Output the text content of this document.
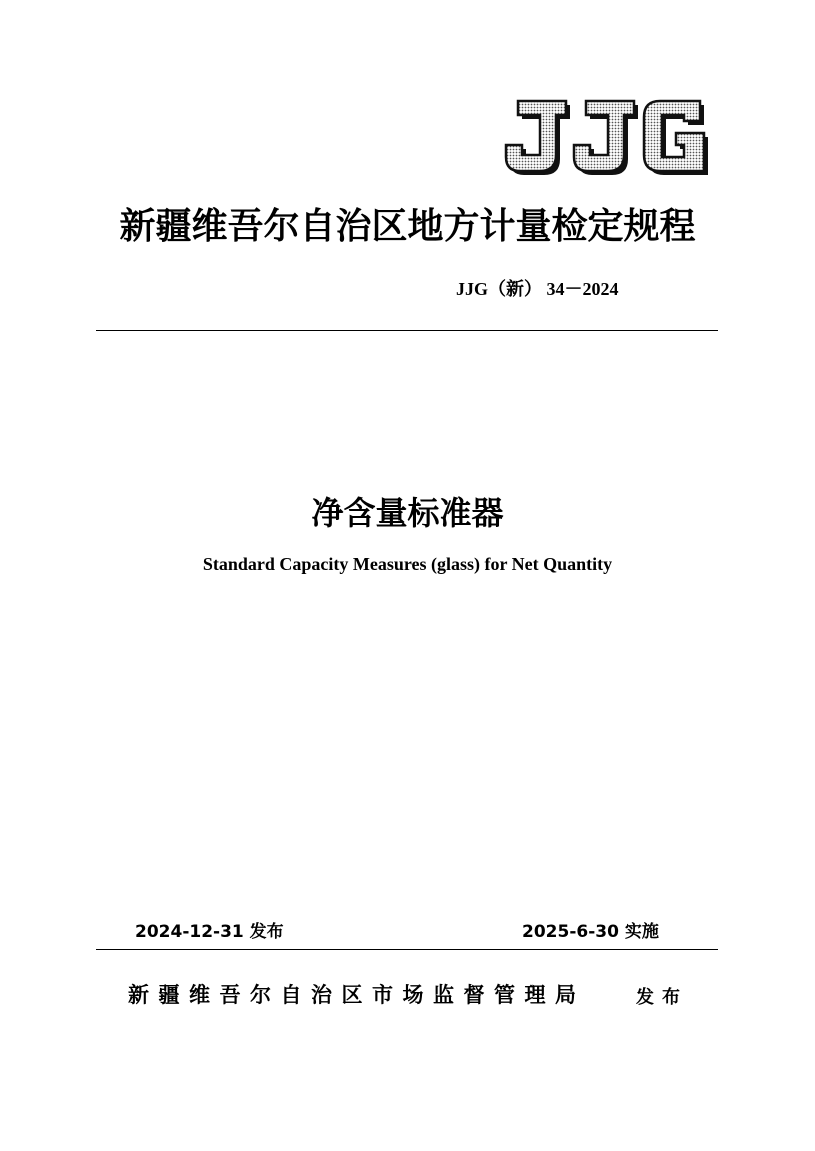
新疆维吾尔自治区地方计量检定规程
JJG（新） 34－2024
净含量标准器
Standard Capacity Measures (glass) for Net Quantity
2024-12-31 发布	2025-6-30 实施
新疆维吾尔自治区市场监督管理局	发布
